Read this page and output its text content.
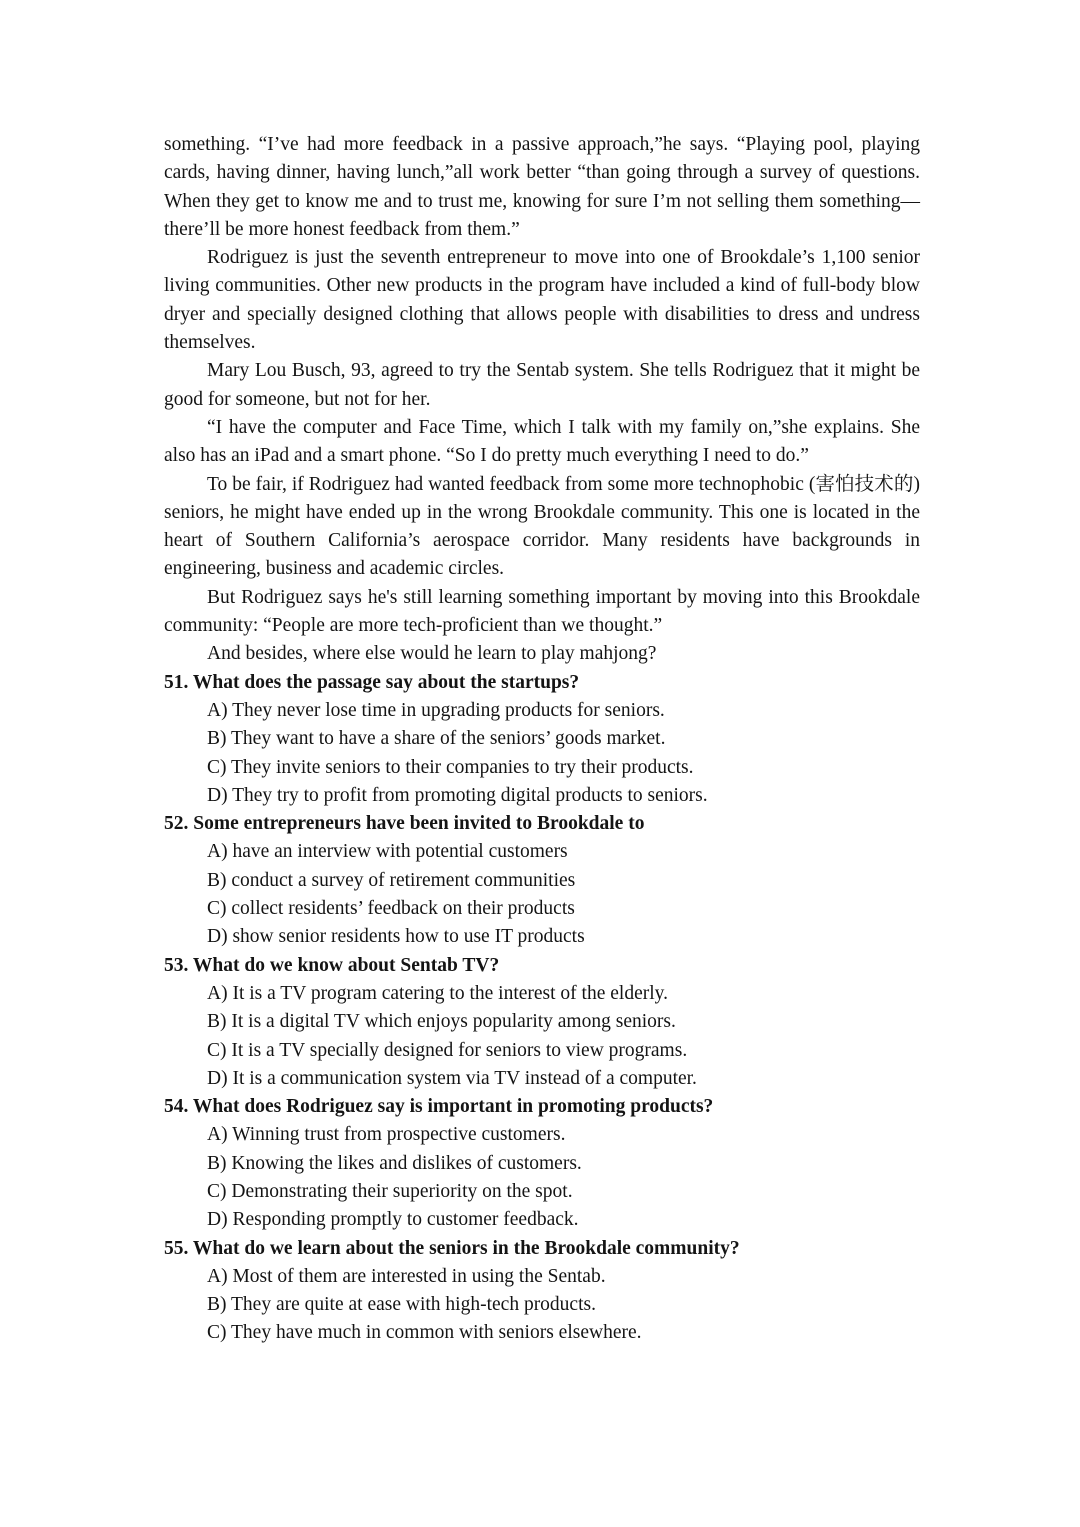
something. “I’ve had more feedback in a passive approach,”he says. “Playing pool, playing cards, having dinner, having lunch,”all work better “than going through a survey of questions. When they get to know me and to trust me, knowing for sure I’m not selling them something—there’ll be more honest feedback from them.”

Rodriguez is just the seventh entrepreneur to move into one of Brookdale’s 1,100 senior living communities. Other new products in the program have included a kind of full-body blow dryer and specially designed clothing that allows people with disabilities to dress and undress themselves.

Mary Lou Busch, 93, agreed to try the Sentab system. She tells Rodriguez that it might be good for someone, but not for her.

“I have the computer and Face Time, which I talk with my family on,”she explains. She also has an iPad and a smart phone. “So I do pretty much everything I need to do.”

To be fair, if Rodriguez had wanted feedback from some more technophobic (害怕技术的) seniors, he might have ended up in the wrong Brookdale community. This one is located in the heart of Southern California’s aerospace corridor. Many residents have backgrounds in engineering, business and academic circles.

But Rodriguez says he's still learning something important by moving into this Brookdale community: “People are more tech-proficient than we thought.”

And besides, where else would he learn to play mahjong?

51. What does the passage say about the startups?

A) They never lose time in upgrading products for seniors.
B) They want to have a share of the seniors’ goods market.
C) They invite seniors to their companies to try their products.
D) They try to profit from promoting digital products to seniors.

52. Some entrepreneurs have been invited to Brookdale to

A) have an interview with potential customers
B) conduct a survey of retirement communities
C) collect residents’ feedback on their products
D) show senior residents how to use IT products

53. What do we know about Sentab TV?

A) It is a TV program catering to the interest of the elderly.
B) It is a digital TV which enjoys popularity among seniors.
C) It is a TV specially designed for seniors to view programs.
D) It is a communication system via TV instead of a computer.

54. What does Rodriguez say is important in promoting products?

A) Winning trust from prospective customers.
B) Knowing the likes and dislikes of customers.
C) Demonstrating their superiority on the spot.
D) Responding promptly to customer feedback.

55. What do we learn about the seniors in the Brookdale community?

A) Most of them are interested in using the Sentab.
B) They are quite at ease with high-tech products.
C) They have much in common with seniors elsewhere.
